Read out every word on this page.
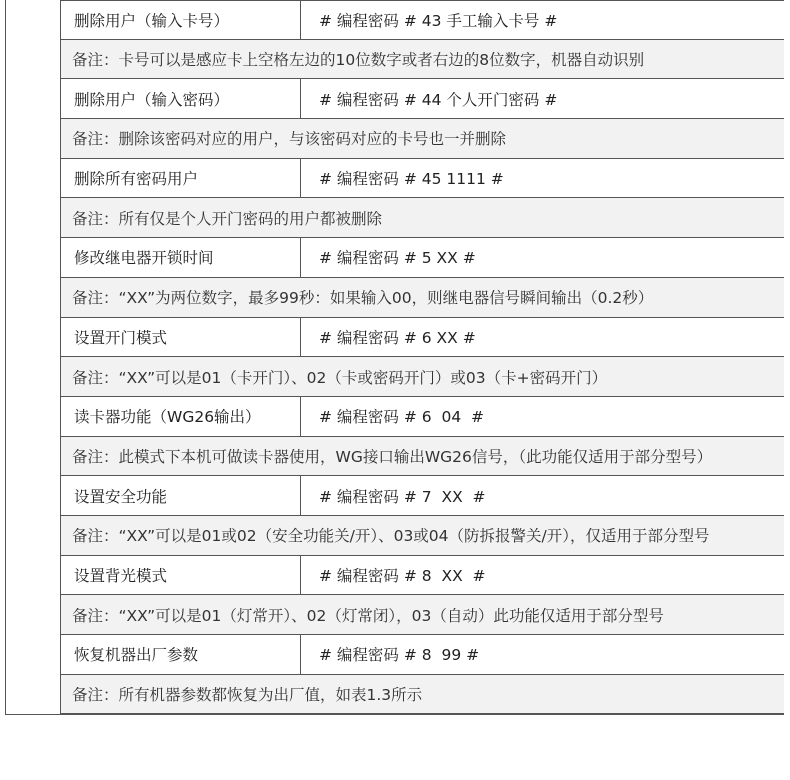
删除用户（输入卡号）	# 编程密码 # 43 手工输入卡号 #
备注：卡号可以是感应卡上空格左边的10位数字或者右边的8位数字，机器自动识别
删除用户（输入密码）	# 编程密码 # 44 个人开门密码 #
备注：删除该密码对应的用户，与该密码对应的卡号也一并删除
删除所有密码用户	# 编程密码 # 45 1111 #
备注：所有仅是个人开门密码的用户都被删除
修改继电器开锁时间	# 编程密码 # 5 XX #
备注：“XX”为两位数字，最多99秒：如果输入00，则继电器信号瞬间输出（0.2秒）
设置开门模式	# 编程密码 # 6 XX #
备注：“XX”可以是01（卡开门）、02（卡或密码开门）或03（卡+密码开门）
读卡器功能（WG26输出）	# 编程密码 # 6  04  #
备注：此模式下本机可做读卡器使用，WG接口输出WG26信号，（此功能仅适用于部分型号）
设置安全功能	# 编程密码 # 7  XX  #
备注：“XX”可以是01或02（安全功能关/开）、03或04（防拆报警关/开），仅适用于部分型号
设置背光模式	# 编程密码 # 8  XX  #
备注：“XX”可以是01（灯常开）、02（灯常闭），03（自动）此功能仅适用于部分型号
恢复机器出厂参数	# 编程密码 # 8  99 #
备注：所有机器参数都恢复为出厂值，如表1.3所示
